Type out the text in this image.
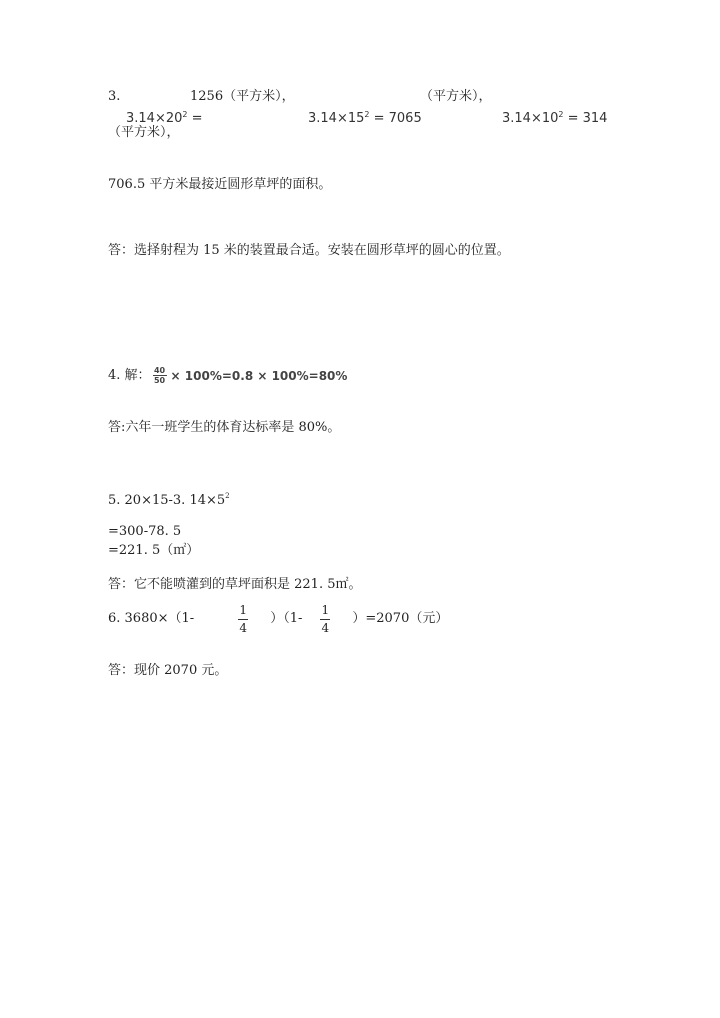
3.	1256（平方米），	（平方米），
$3.14\times 20^2$ =	$3.14\times 15^2 = 7065$	$3.14\times 10^2 = 314$
（平方米），
706.5 平方米最接近圆形草坪的面积。
答：选择射程为 15 米的装置最合适。安装在圆形草坪的圆心的位置。
4. 解： 40
50 × 100%=0.8 × 100%=80%
答:六年一班学生的体育达标率是 80%。
5. 20×15-3. $14\times 5^2$
=300-78. 5
=221. 5（㎡）
答：它不能喷灌到的草坪面积是 221. 5㎡。
6. 3680×（1-	$\frac{1}{4} )(1- \frac{1}{4} )=2070$（元）
答：现价 2070 元。
